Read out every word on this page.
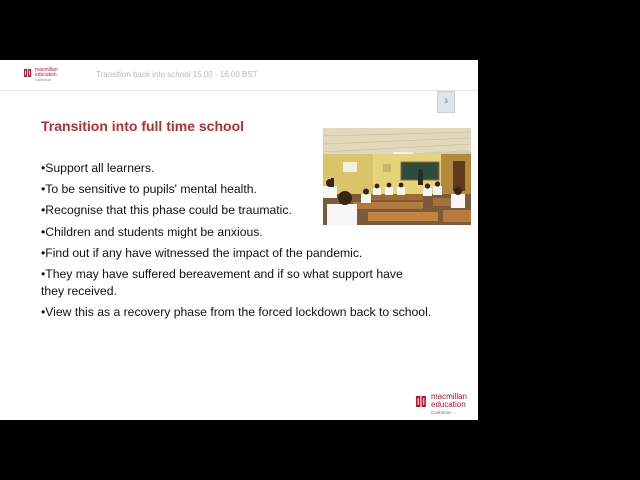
macmillan
education
Caribbean
Transition back into school 15.00 - 16.00 BST
3
Transition into full time school
•Support all learners.
•To be sensitive to pupils' mental health.
•Recognise that this phase could be traumatic.
•Children and students might be anxious.
•Find out if any have witnessed the impact of the pandemic.
•They may have suffered bereavement and if so what support have they received.
•View this as a recovery phase from the forced lockdown back to school.
macmillan
education
Caribbean
